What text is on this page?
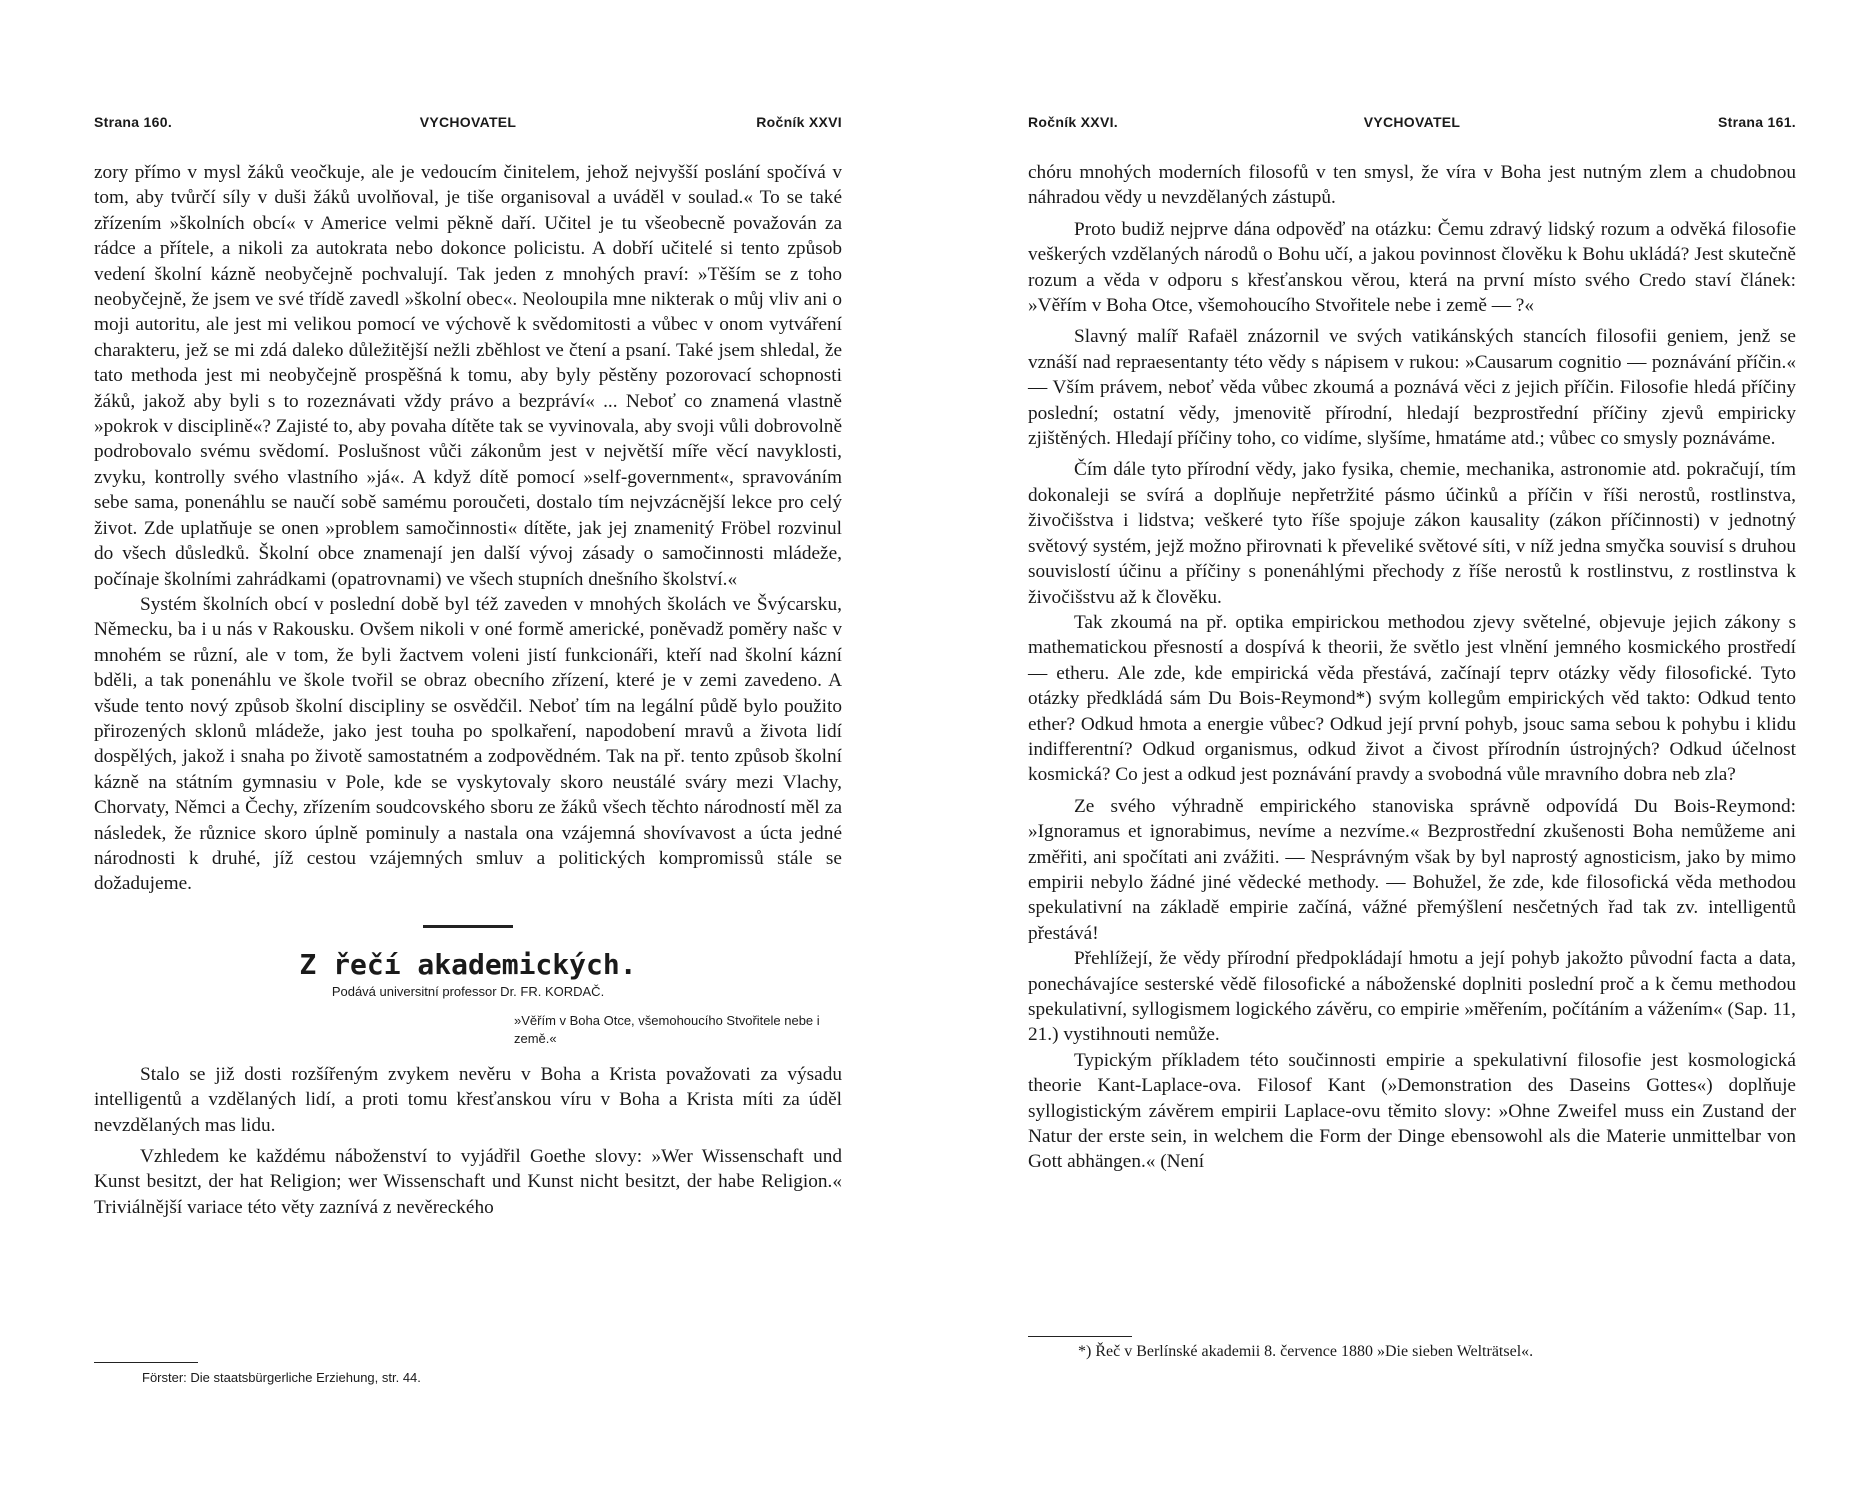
Strana 160.	VYCHOVATEL	Ročník XXVI

zory přímo v mysl žáků veočkuje, ale je vedoucím činitelem, jehož nejvyšší poslání spočívá v tom, aby tvůrčí síly v duši žáků uvolňoval, je tiše organisoval a uváděl v soulad.« To se také zřízením »školních obcí« v Americe velmi pěkně daří. Učitel je tu všeobecně považován za rádce a přítele, a nikoli za autokrata nebo dokonce policistu. A dobří učitelé si tento způsob vedení školní kázně neobyčejně pochvalují. Tak jeden z mnohých praví: »Těším se z toho neobyčejně, že jsem ve své třídě zavedl »školní obec«. Neoloupila mne nikterak o můj vliv ani o moji autoritu, ale jest mi velikou pomocí ve výchově k svědomitosti a vůbec v onom vytváření charakteru, jež se mi zdá daleko důležitější nežli zběhlost ve čtení a psaní. Také jsem shledal, že tato methoda jest mi neobyčejně prospěšná k tomu, aby byly pěstěny pozorovací schopnosti žáků, jakož aby byli s to rozeznávati vždy právo a bezpráví« ... Neboť co znamená vlastně »pokrok v disciplině«? Zajisté to, aby povaha dítěte tak se vyvinovala, aby svoji vůli dobrovolně podrobovalo svému svědomí. Poslušnost vůči zákonům jest v největší míře věcí navyklosti, zvyku, kontrolly svého vlastního »já«. A když dítě pomocí »self-government«, spravováním sebe sama, ponenáhlu se naučí sobě samému poroučeti, dostalo tím nejvzácnější lekce pro celý život. Zde uplatňuje se onen »problem samočinnosti« dítěte, jak jej znamenitý Fröbel rozvinul do všech důsledků. Školní obce znamenají jen další vývoj zásady o samočinnosti mládeže, počínaje školními zahrádkami (opatrovnami) ve všech stupních dnešního školství.«

Systém školních obcí v poslední době byl též zaveden v mnohých školách ve Švýcarsku, Německu, ba i u nás v Rakousku. Ovšem nikoli v oné formě americké, poněvadž poměry našc v mnohém se různí, ale v tom, že byli žactvem voleni jistí funkcionáři, kteří nad školní kázní bděli, a tak ponenáhlu ve škole tvořil se obraz obecního zřízení, které je v zemi zavedeno. A všude tento nový způsob školní discipliny se osvědčil. Neboť tím na legální půdě bylo použito přirozených sklonů mládeže, jako jest touha po spolkaření, napodobení mravů a života lidí dospělých, jakož i snaha po životě samostatném a zodpovědném. Tak na př. tento způsob školní kázně na státním gymnasiu v Pole, kde se vyskytovaly skoro neustálé sváry mezi Vlachy, Chorvaty, Němci a Čechy, zřízením soudcovského sboru ze žáků všech těchto národností měl za následek, že různice skoro úplně pominuly a nastala ona vzájemná shovívavost a úcta jedné národnosti k druhé, jíž cestou vzájemných smluv a politických kompromissů stále se dožadujeme.

Z řečí akademických.
Podává universitní professor Dr. FR. KORDAČ.
»Věřím v Boha Otce, všemohoucího Stvořitele nebe i země.«

Stalo se již dosti rozšířeným zvykem nevěru v Boha a Krista považovati za výsadu intelligentů a vzdělaných lidí, a proti tomu křesťanskou víru v Boha a Krista míti za úděl nevzdělaných mas lidu.

Vzhledem ke každému náboženství to vyjádřil Goethe slovy: »Wer Wissenschaft und Kunst besitzt, der hat Religion; wer Wissenschaft und Kunst nicht besitzt, der habe Religion.« Triviálnější variace této věty zaznívá z nevěreckého

Förster: Die staatsbürgerliche Erziehung, str. 44.
Ročník XXVI.	VYCHOVATEL	Strana 161.

chóru mnohých moderních filosofů v ten smysl, že víra v Boha jest nutným zlem a chudobnou náhradou vědy u nevzdělaných zástupů.

Proto budiž nejprve dána odpověď na otázku: Čemu zdravý lidský rozum a odvěká filosofie veškerých vzdělaných národů o Bohu učí, a jakou povinnost člověku k Bohu ukládá? Jest skutečně rozum a věda v odporu s křesťanskou věrou, která na první místo svého Credo staví článek: »Věřím v Boha Otce, všemohoucího Stvořitele nebe i země — ?«

Slavný malíř Rafaël znázornil ve svých vatikánských stancích filosofii geniem, jenž se vznáší nad repraesentanty této vědy s nápisem v rukou: »Causarum cognitio — poznávání příčin.« — Vším právem, neboť věda vůbec zkoumá a poznává věci z jejich příčin. Filosofie hledá příčiny poslední; ostatní vědy, jmenovitě přírodní, hledají bezprostřední příčiny zjevů empiricky zjištěných. Hledají příčiny toho, co vidíme, slyšíme, hmatáme atd.; vůbec co smysly poznáváme.

Čím dále tyto přírodní vědy, jako fysika, chemie, mechanika, astronomie atd. pokračují, tím dokonaleji se svírá a doplňuje nepřetržité pásmo účinků a příčin v říši nerostů, rostlinstva, živočišstva i lidstva; veškeré tyto říše spojuje zákon kausality (zákon příčinnosti) v jednotný světový systém, jejž možno přirovnati k převeliké světové síti, v níž jedna smyčka souvisí s druhou souvislostí účinu a příčiny s ponenáhlými přechody z říše nerostů k rostlinstvu, z rostlinstva k živočišstvu až k člověku.

Tak zkoumá na př. optika empirickou methodou zjevy světelné, objevuje jejich zákony s mathematickou přesností a dospívá k theorii, že světlo jest vlnění jemného kosmického prostředí — etheru. Ale zde, kde empirická věda přestává, začínají teprv otázky vědy filosofické. Tyto otázky předkládá sám Du Bois-Reymond*) svým kollegům empirických věd takto: Odkud tento ether? Odkud hmota a energie vůbec? Odkud její první pohyb, jsouc sama sebou k pohybu i klidu indifferentní? Odkud organismus, odkud život a čivost přírodnín ústrojných? Odkud účelnost kosmická? Co jest a odkud jest poznávání pravdy a svobodná vůle mravního dobra neb zla?

Ze svého výhradně empirického stanoviska správně odpovídá Du Bois-Reymond: »Ignoramus et ignorabimus, nevíme a nezvíme.« Bezprostřední zkušenosti Boha nemůžeme ani změřiti, ani spočítati ani zvážiti. — Nesprávným však by byl naprostý agnosticism, jako by mimo empirii nebylo žádné jiné vědecké methody. — Bohužel, že zde, kde filosofická věda methodou spekulativní na základě empirie začíná, vážné přemýšlení nesčetných řad tak zv. intelligentů přestává!

Přehlížejí, že vědy přírodní předpokládají hmotu a její pohyb jakožto původní facta a data, ponechávajíce sesterské vědě filosofické a náboženské doplniti poslední proč a k čemu methodou spekulativní, syllogismem logického závěru, co empirie »měřením, počítáním a vážením« (Sap. 11, 21.) vystihnouti nemůže.

Typickým příkladem této součinnosti empirie a spekulativní filosofie jest kosmologická theorie Kant-Laplace-ova. Filosof Kant (»Demonstration des Daseins Gottes«) doplňuje syllogistickým závěrem empirii Laplace-ovu těmito slovy: »Ohne Zweifel muss ein Zustand der Natur der erste sein, in welchem die Form der Dinge ebensowohl als die Materie unmittelbar von Gott abhängen.« (Není

*) Řeč v Berlínské akademii 8. července 1880 »Die sieben Welträtsel«.
